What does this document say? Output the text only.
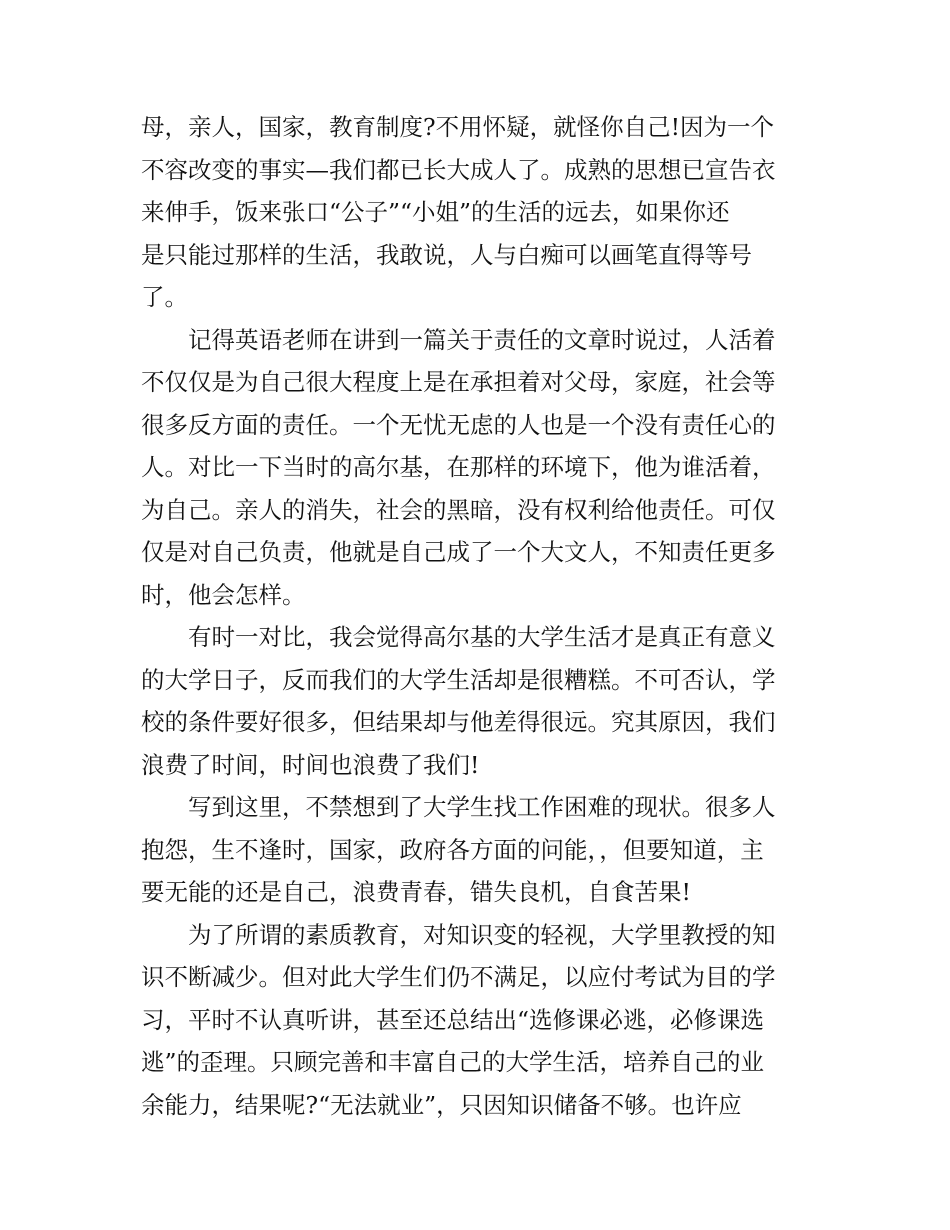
母，亲人，国家，教育制度?不用怀疑，就怪你自己!因为一个
不容改变的事实—我们都已长大成人了。成熟的思想已宣告衣
来伸手，饭来张口“公子”“小姐”的生活的远去，如果你还
是只能过那样的生活，我敢说，人与白痴可以画笔直得等号
了。
　　记得英语老师在讲到一篇关于责任的文章时说过，人活着
不仅仅是为自己很大程度上是在承担着对父母，家庭，社会等
很多反方面的责任。一个无忧无虑的人也是一个没有责任心的
人。对比一下当时的高尔基，在那样的环境下，他为谁活着，
为自己。亲人的消失，社会的黑暗，没有权利给他责任。可仅
仅是对自己负责，他就是自己成了一个大文人，不知责任更多
时，他会怎样。
　　有时一对比，我会觉得高尔基的大学生活才是真正有意义
的大学日子，反而我们的大学生活却是很糟糕。不可否认，学
校的条件要好很多，但结果却与他差得很远。究其原因，我们
浪费了时间，时间也浪费了我们!
　　写到这里，不禁想到了大学生找工作困难的现状。很多人
抱怨，生不逢时，国家，政府各方面的问能，，但要知道，主
要无能的还是自己，浪费青春，错失良机，自食苦果!
　　为了所谓的素质教育，对知识变的轻视，大学里教授的知
识不断减少。但对此大学生们仍不满足，以应付考试为目的学
习，平时不认真听讲，甚至还总结出“选修课必逃，必修课选
逃”的歪理。只顾完善和丰富自己的大学生活，培养自己的业
余能力，结果呢?“无法就业”，只因知识储备不够。也许应
